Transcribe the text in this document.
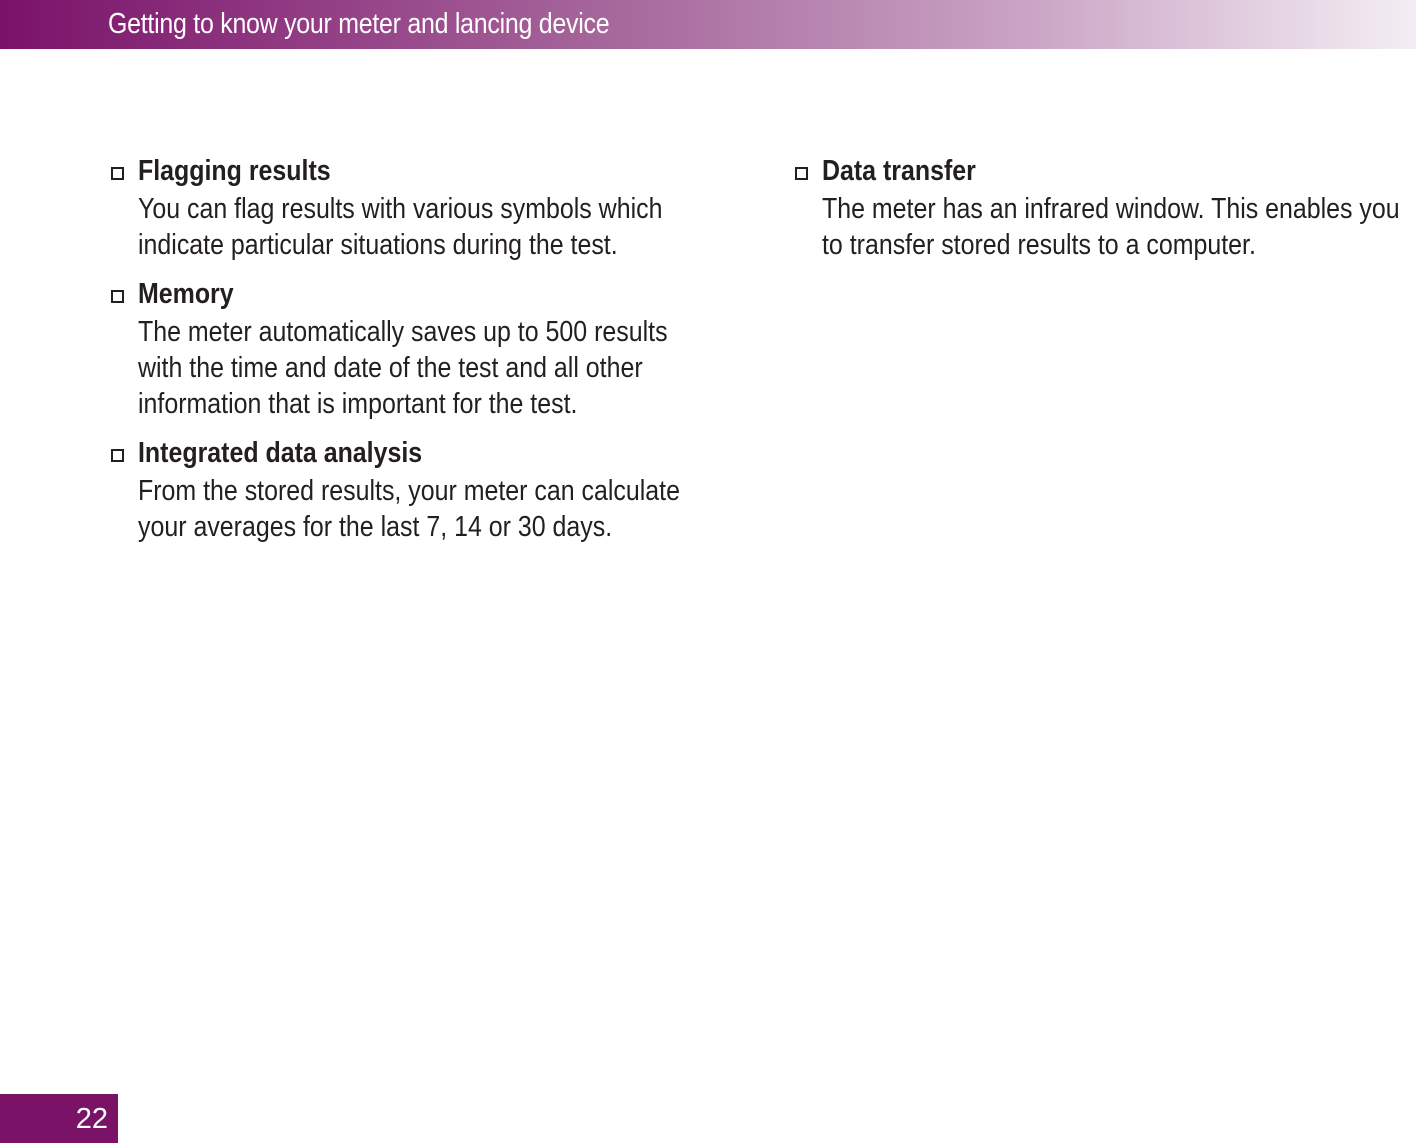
Getting to know your meter and lancing device
Flagging results
You can flag results with various symbols which
indicate particular situations during the test.
Memory
The meter automatically saves up to 500 results
with the time and date of the test and all other
information that is important for the test.
Integrated data analysis
From the stored results, your meter can calculate
your averages for the last 7, 14 or 30 days.
Data transfer
The meter has an infrared window. This enables you
to transfer stored results to a computer.
22
